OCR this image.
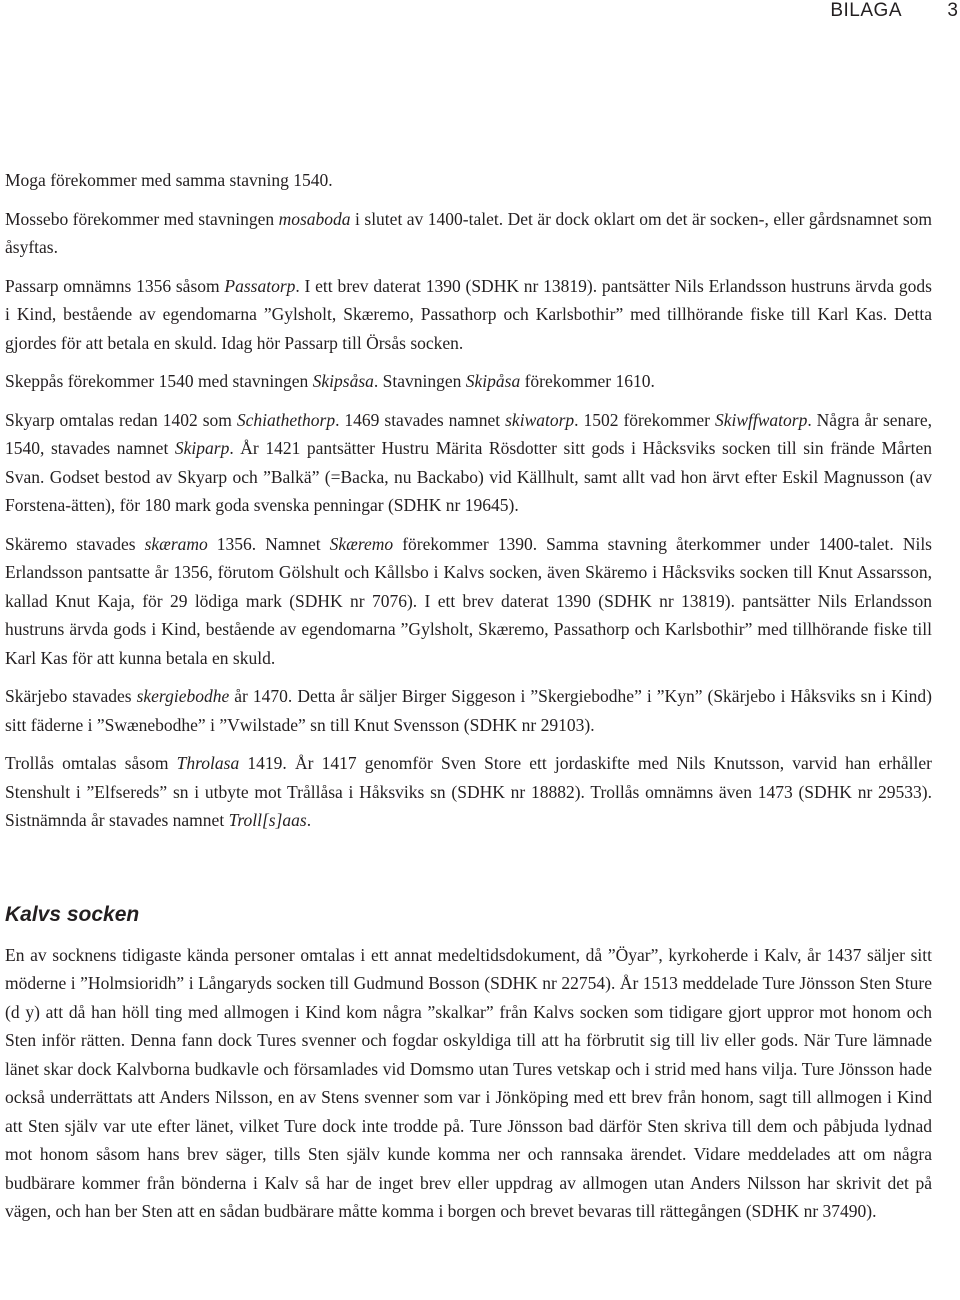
BILAGA 3

Moga förekommer med samma stavning 1540.

Mossebo förekommer med stavningen mosaboda i slutet av 1400-talet. Det är dock oklart om det är socken-, eller gårdsnamnet som åsyftas.

Passarp omnämns 1356 såsom Passatorp. I ett brev daterat 1390 (SDHK nr 13819). pantsätter Nils Erlandsson hustruns ärvda gods i Kind, bestående av egendomarna ”Gylsholt, Skæremo, Passathorp och Karlsbothir” med tillhörande fiske till Karl Kas. Detta gjordes för att betala en skuld. Idag hör Passarp till Örsås socken.

Skeppås förekommer 1540 med stavningen Skipsåsa. Stavningen Skipåsa förekommer 1610.

Skyarp omtalas redan 1402 som Schiathethorp. 1469 stavades namnet skiwatorp. 1502 förekommer Skiwffwatorp. Några år senare, 1540, stavades namnet Skiparp. År 1421 pantsätter Hustru Märita Rösdotter sitt gods i Håcksviks socken till sin frände Mårten Svan. Godset bestod av Skyarp och ”Balkä” (=Backa, nu Backabo) vid Källhult, samt allt vad hon ärvt efter Eskil Magnusson (av Forstena-ätten), för 180 mark goda svenska penningar (SDHK nr 19645).

Skäremo stavades skæramo 1356. Namnet Skæremo förekommer 1390. Samma stavning återkommer under 1400-talet. Nils Erlandsson pantsatte år 1356, förutom Gölshult och Kållsbo i Kalvs socken, även Skäremo i Håcksviks socken till Knut Assarsson, kallad Knut Kaja, för 29 lödiga mark (SDHK nr 7076). I ett brev daterat 1390 (SDHK nr 13819). pantsätter Nils Erlandsson hustruns ärvda gods i Kind, bestående av egendomarna ”Gylsholt, Skæremo, Passathorp och Karlsbothir” med tillhörande fiske till Karl Kas för att kunna betala en skuld.

Skärjebo stavades skergiebodhe år 1470. Detta år säljer Birger Siggeson i ”Skergiebodhe” i ”Kyn” (Skärjebo i Håksviks sn i Kind) sitt fäderne i ”Swænebodhe” i ”Vwilstade” sn till Knut Svensson (SDHK nr 29103).

Trollås omtalas såsom Throlasa 1419. År 1417 genomför Sven Store ett jordaskifte med Nils Knutsson, varvid han erhåller Stenshult i ”Elfsereds” sn i utbyte mot Trållåsa i Håksviks sn (SDHK nr 18882). Trollås omnämns även 1473 (SDHK nr 29533). Sistnämnda år stavades namnet Troll[s]aas.

Kalvs socken

En av socknens tidigaste kända personer omtalas i ett annat medeltidsdokument, då ”Öyar”, kyrkoherde i Kalv, år 1437 säljer sitt möderne i ”Holmsioridh” i Långaryds socken till Gudmund Bosson (SDHK nr 22754). År 1513 meddelade Ture Jönsson Sten Sture (d y) att då han höll ting med allmogen i Kind kom några ”skalkar” från Kalvs socken som tidigare gjort uppror mot honom och Sten inför rätten. Denna fann dock Tures svenner och fogdar oskyldiga till att ha förbrutit sig till liv eller gods. När Ture lämnade länet skar dock Kalvborna budkavle och församlades vid Domsmo utan Tures vetskap och i strid med hans vilja. Ture Jönsson hade också underrättats att Anders Nilsson, en av Stens svenner som var i Jönköping med ett brev från honom, sagt till allmogen i Kind att Sten själv var ute efter länet, vilket Ture dock inte trodde på. Ture Jönsson bad därför Sten skriva till dem och påbjuda lydnad mot honom såsom hans brev säger, tills Sten själv kunde komma ner och rannsaka ärendet. Vidare meddelades att om några budbärare kommer från bönderna i Kalv så har de inget brev eller uppdrag av allmogen utan Anders Nilsson har skrivit det på vägen, och han ber Sten att en sådan budbärare måtte komma i borgen och brevet bevaras till rättegången (SDHK nr 37490).
